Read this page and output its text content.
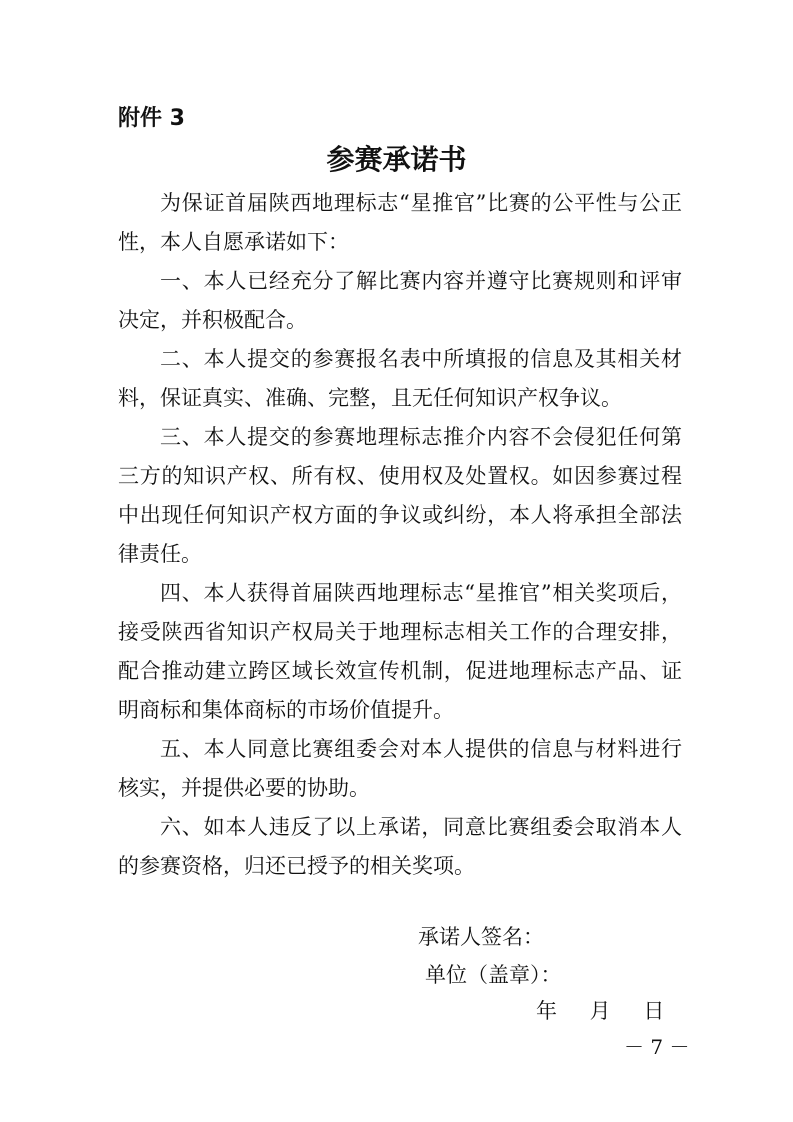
附件 3
参赛承诺书

为保证首届陕西地理标志“星推官”比赛的公平性与公正性，本人自愿承诺如下：

一、本人已经充分了解比赛内容并遵守比赛规则和评审决定，并积极配合。

二、本人提交的参赛报名表中所填报的信息及其相关材料，保证真实、准确、完整，且无任何知识产权争议。

三、本人提交的参赛地理标志推介内容不会侵犯任何第三方的知识产权、所有权、使用权及处置权。如因参赛过程中出现任何知识产权方面的争议或纠纷，本人将承担全部法律责任。

四、本人获得首届陕西地理标志“星推官”相关奖项后，接受陕西省知识产权局关于地理标志相关工作的合理安排，配合推动建立跨区域长效宣传机制，促进地理标志产品、证明商标和集体商标的市场价值提升。

五、本人同意比赛组委会对本人提供的信息与材料进行核实，并提供必要的协助。

六、如本人违反了以上承诺，同意比赛组委会取消本人的参赛资格，归还已授予的相关奖项。

承诺人签名：
单位（盖章）：
年 月 日
－ 7 －
